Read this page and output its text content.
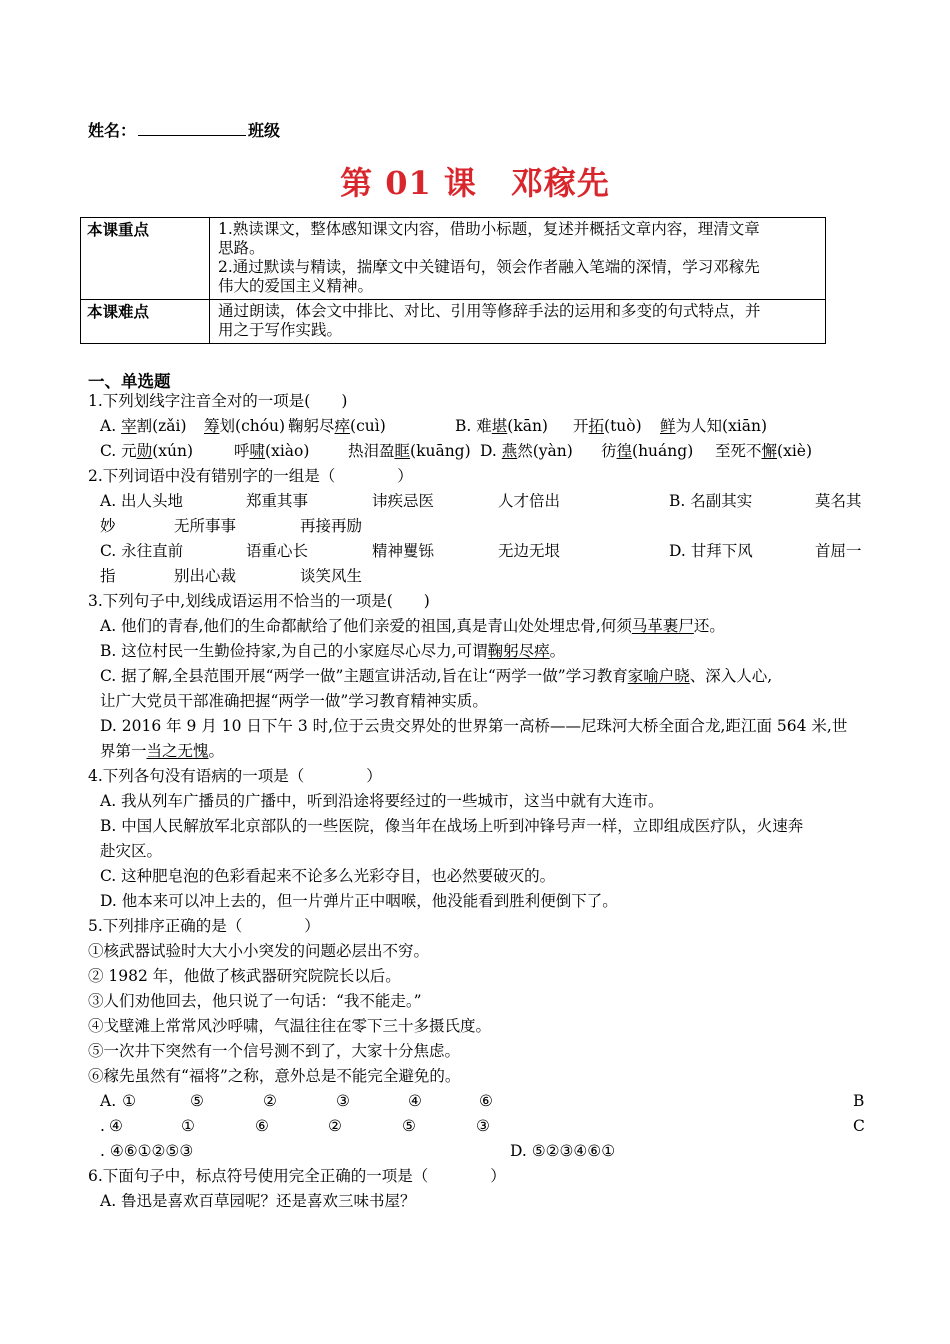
姓名：	班级
第 01 课 邓稼先
本课重点	1.熟读课文，整体感知课文内容，借助小标题，复述并概括文章内容，理清文章
思路。
2.通过默读与精读，揣摩文中关键语句，领会作者融入笔端的深情，学习邓稼先
伟大的爱国主义精神。

本课难点	通过朗读，体会文中排比、对比、引用等修辞手法的运用和多变的句式特点，并
用之于写作实践。
一、单选题
1.下列划线字注音全对的一项是(　　)
A. 宰割(zǎi) 筹划(chóu) 鞠躬尽瘁(cuì)	B. 难堪(kān) 开拓(tuò) 鲜为人知(xiān)
C. 元勋(xún)	呼啸(xiào) 热泪盈眶(kuāng) D. 燕然(yàn) 彷徨(huáng) 至死不懈(xiè)
2.下列词语中没有错别字的一组是（　　　　）
A. 出人头地	郑重其事	讳疾忌医	人才倍出	B. 名副其实	莫名其
妙	无所事事	再接再励
C. 永往直前	语重心长	精神矍铄	无边无垠	D. 甘拜下风	首屈一
指	别出心裁	谈笑风生
3.下列句子中,划线成语运用不恰当的一项是(　　)
A. 他们的青春,他们的生命都献给了他们亲爱的祖国,真是青山处处埋忠骨,何须马革裹尸还。
B. 这位村民一生勤俭持家,为自己的小家庭尽心尽力,可谓鞠躬尽瘁。
C. 据了解,全县范围开展“两学一做”主题宣讲活动,旨在让“两学一做”学习教育家喻户晓、深入人心,
让广大党员干部准确把握“两学一做”学习教育精神实质。
D. 2016 年 9 月 10 日下午 3 时,位于云贵交界处的世界第一高桥——尼珠河大桥全面合龙,距江面 564 米,世
界第一当之无愧。
4.下列各句没有语病的一项是（　　　　）
A. 我从列车广播员的广播中，听到沿途将要经过的一些城市，这当中就有大连市。
B. 中国人民解放军北京部队的一些医院，像当年在战场上听到冲锋号声一样，立即组成医疗队，火速奔
赴灾区。
C. 这种肥皂泡的色彩看起来不论多么光彩夺目，也必然要破灭的。
D. 他本来可以冲上去的，但一片弹片正中咽喉，他没能看到胜利便倒下了。
5.下列排序正确的是（　　　　）
①核武器试验时大大小小突发的问题必层出不穷。
② 1982 年，他做了核武器研究院院长以后。
③人们劝他回去，他只说了一句话：“我不能走。”
④戈壁滩上常常风沙呼啸，气温往往在零下三十多摄氏度。
⑤一次井下突然有一个信号测不到了，大家十分焦虑。
⑥稼先虽然有“福将”之称，意外总是不能完全避免的。
A. ①	⑤	②	③	④	⑥	B
. ④	①	⑥	②	⑤	③	C
. ④⑥①②⑤③	D. ⑤②③④⑥①
6.下面句子中，标点符号使用完全正确的一项是（　　　　）
A. 鲁迅是喜欢百草园呢？还是喜欢三味书屋？
